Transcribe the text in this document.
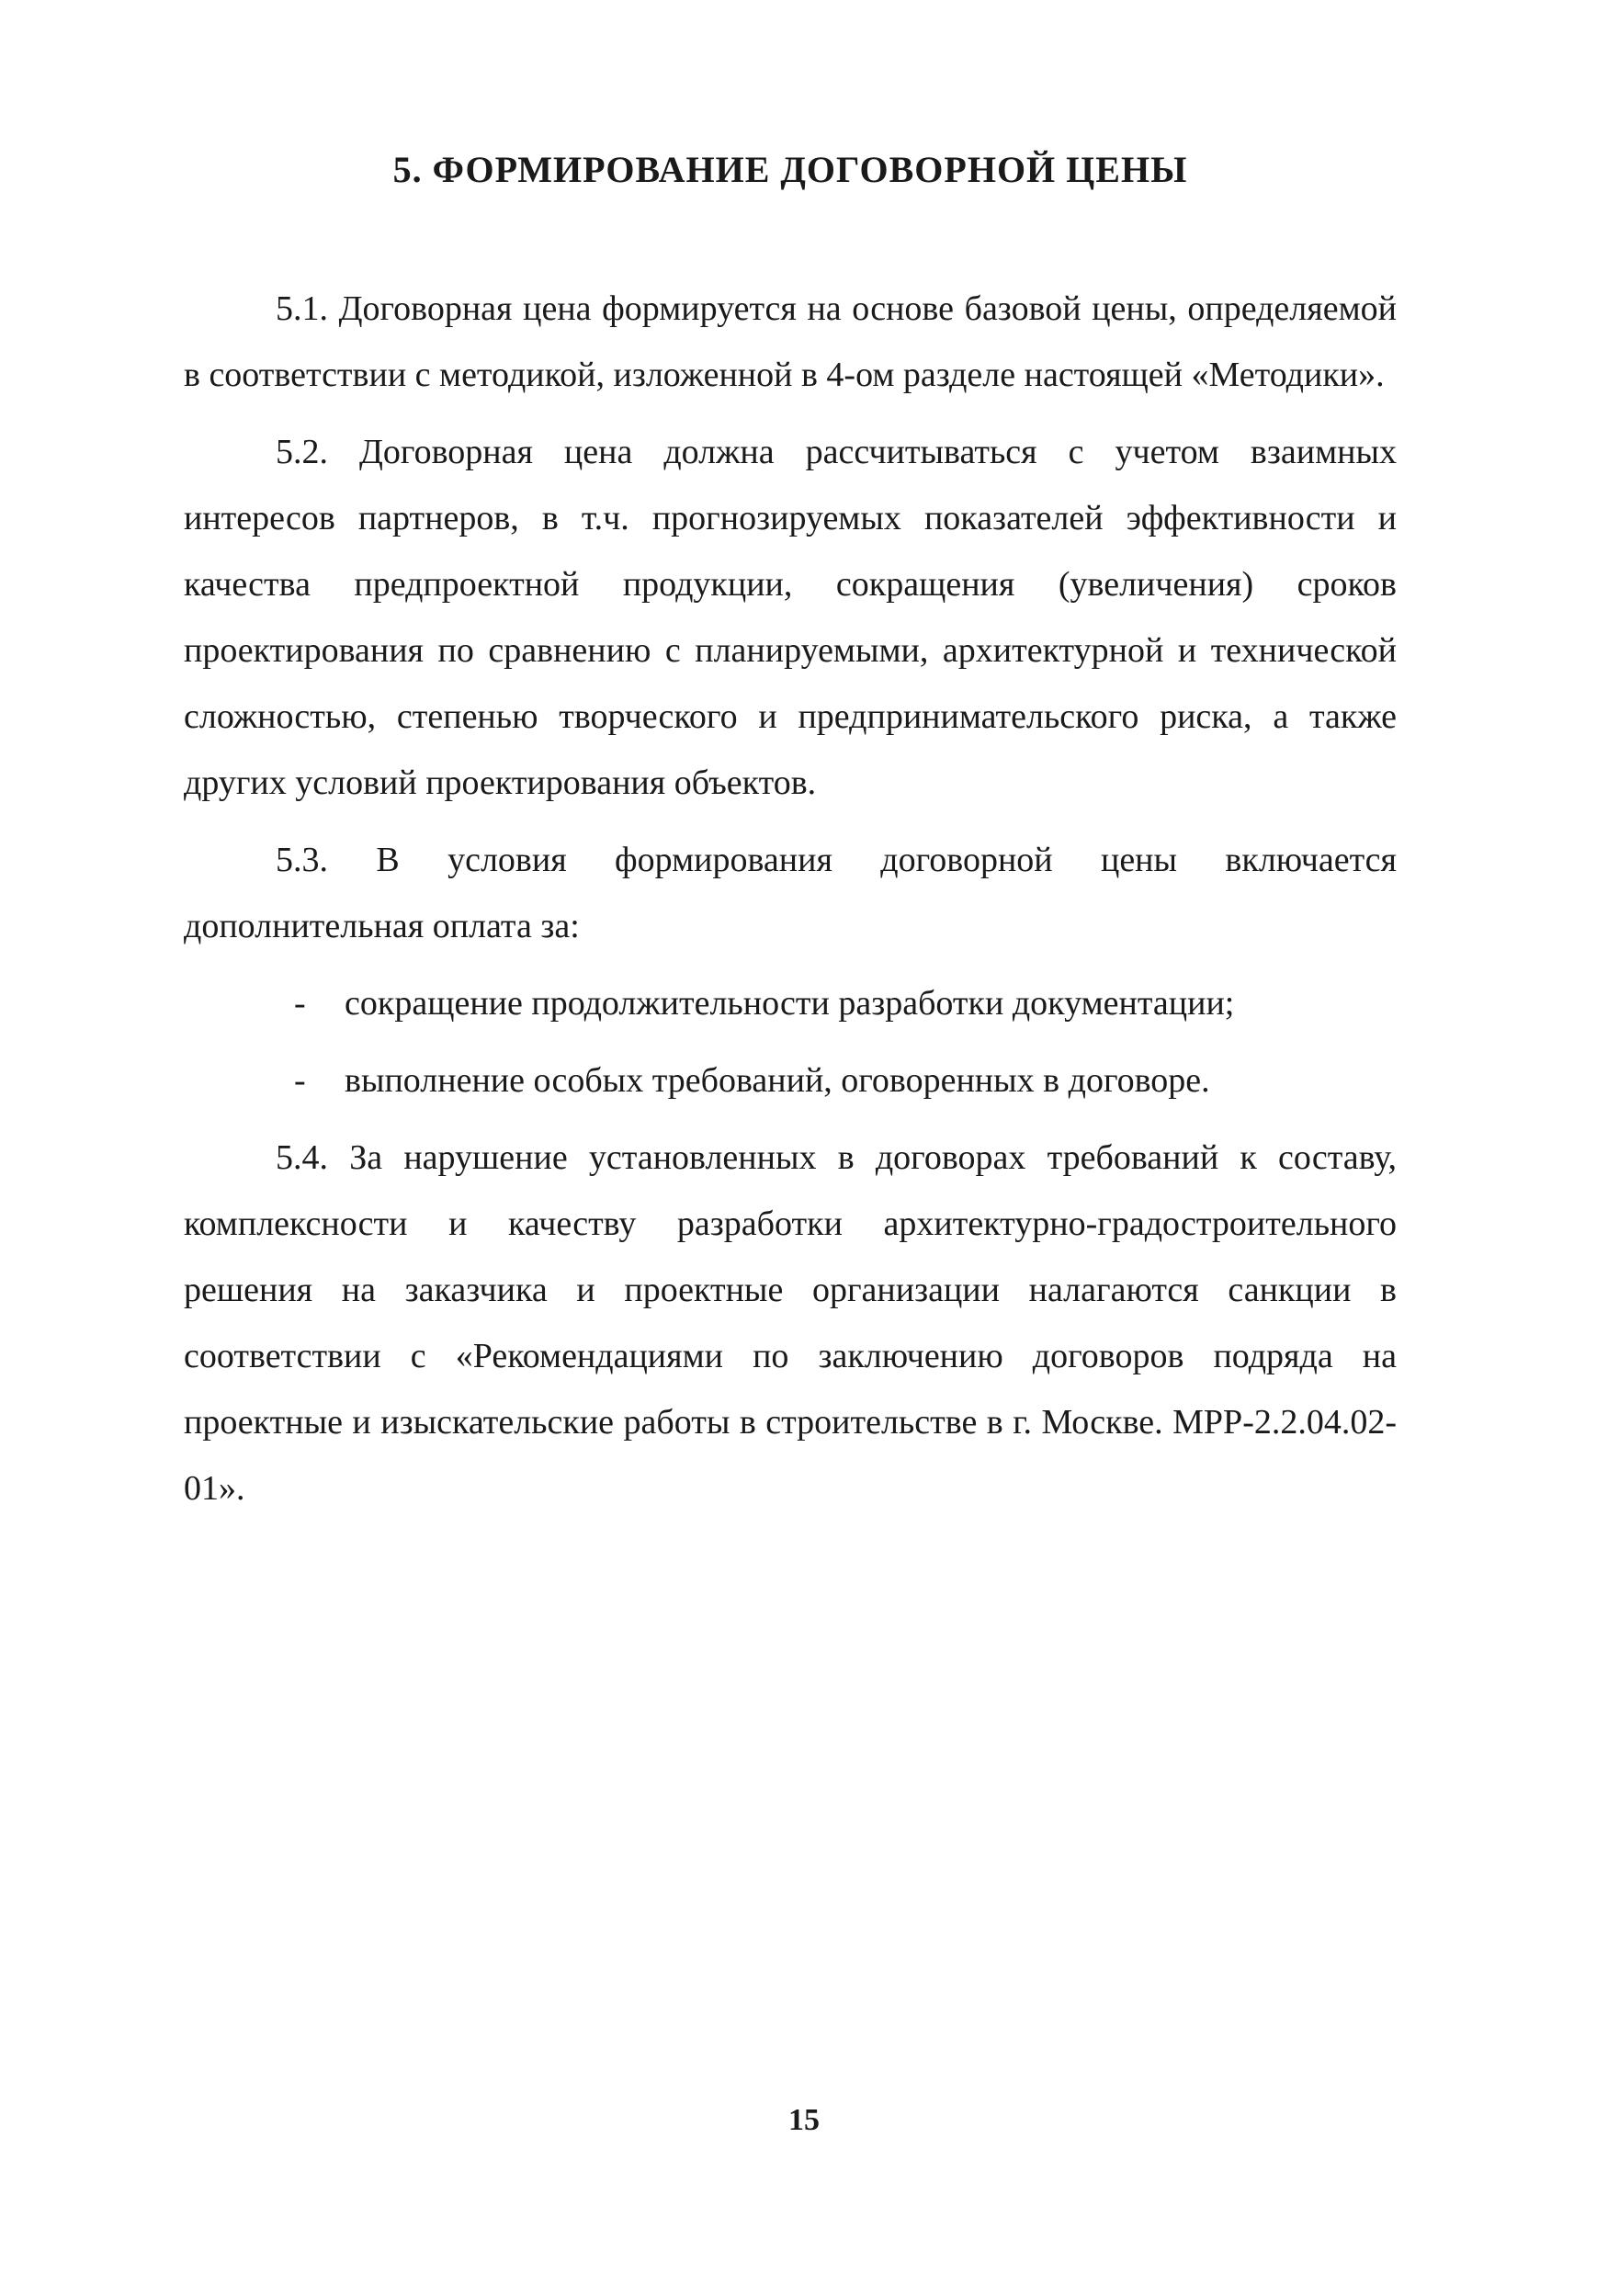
5. ФОРМИРОВАНИЕ ДОГОВОРНОЙ ЦЕНЫ

5.1. Договорная цена формируется на основе базовой цены, определяемой в соответствии с методикой, изложенной в 4-ом разделе настоящей «Методики».

5.2. Договорная цена должна рассчитываться с учетом взаимных интересов партнеров, в т.ч. прогнозируемых показателей эффективности и качества предпроектной продукции, сокращения (увеличения) сроков проектирования по сравнению с планируемыми, архитектурной и технической сложностью, степенью творческого и предпринимательского риска, а также других условий проектирования объектов.

5.3. В условия формирования договорной цены включается дополнительная оплата за:

-	сокращение продолжительности разработки документации;
-	выполнение особых требований, оговоренных в договоре.

5.4. За нарушение установленных в договорах требований к составу, комплексности и качеству разработки архитектурно-градостроительного решения на заказчика и проектные организации налагаются санкции в соответствии с «Рекомендациями по заключению договоров подряда на проектные и изыскательские работы в строительстве в г. Москве. МРР-2.2.04.02-01».

15
